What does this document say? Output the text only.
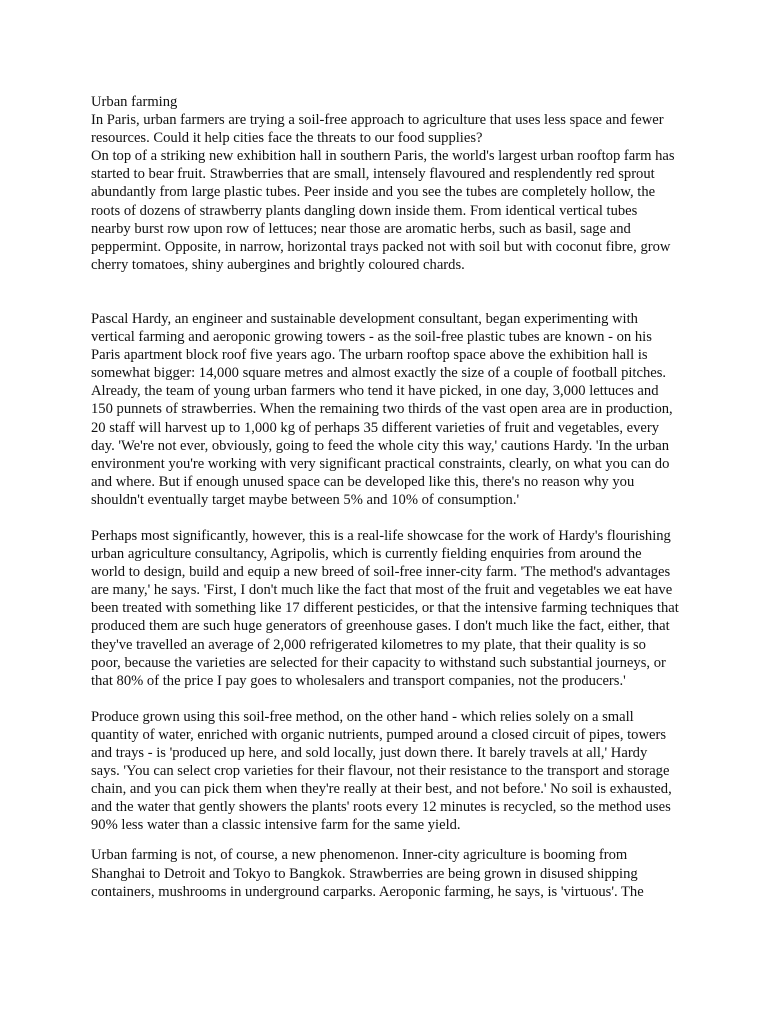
Urban farming

In Paris, urban farmers are trying a soil-free approach to agriculture that uses less space and fewer resources. Could it help cities face the threats to our food supplies?

On top of a striking new exhibition hall in southern Paris, the world's largest urban rooftop farm has started to bear fruit. Strawberries that are small, intensely flavoured and resplendently red sprout abundantly from large plastic tubes. Peer inside and you see the tubes are completely hollow, the roots of dozens of strawberry plants dangling down inside them. From identical vertical tubes nearby burst row upon row of lettuces; near those are aromatic herbs, such as basil, sage and peppermint. Opposite, in narrow, horizontal trays packed not with soil but with coconut fibre, grow cherry tomatoes, shiny aubergines and brightly coloured chards.

Pascal Hardy, an engineer and sustainable development consultant, began experimenting with vertical farming and aeroponic growing towers - as the soil-free plastic tubes are known - on his Paris apartment block roof five years ago. The urbarn rooftop space above the exhibition hall is somewhat bigger: 14,000 square metres and almost exactly the size of a couple of football pitches. Already, the team of young urban farmers who tend it have picked, in one day, 3,000 lettuces and 150 punnets of strawberries. When the remaining two thirds of the vast open area are in production, 20 staff will harvest up to 1,000 kg of perhaps 35 different varieties of fruit and vegetables, every day. 'We're not ever, obviously, going to feed the whole city this way,' cautions Hardy. 'In the urban environment you're working with very significant practical constraints, clearly, on what you can do and where. But if enough unused space can be developed like this, there's no reason why you shouldn't eventually target maybe between 5% and 10% of consumption.'

Perhaps most significantly, however, this is a real-life showcase for the work of Hardy's flourishing urban agriculture consultancy, Agripolis, which is currently fielding enquiries from around the world to design, build and equip a new breed of soil-free inner-city farm. 'The method's advantages are many,' he says. 'First, I don't much like the fact that most of the fruit and vegetables we eat have been treated with something like 17 different pesticides, or that the intensive farming techniques that produced them are such huge generators of greenhouse gases. I don't much like the fact, either, that they've travelled an average of 2,000 refrigerated kilometres to my plate, that their quality is so poor, because the varieties are selected for their capacity to withstand such substantial journeys, or that 80% of the price I pay goes to wholesalers and transport companies, not the producers.'

Produce grown using this soil-free method, on the other hand - which relies solely on a small quantity of water, enriched with organic nutrients, pumped around a closed circuit of pipes, towers and trays - is 'produced up here, and sold locally, just down there. It barely travels at all,' Hardy says. 'You can select crop varieties for their flavour, not their resistance to the transport and storage chain, and you can pick them when they're really at their best, and not before.' No soil is exhausted, and the water that gently showers the plants' roots every 12 minutes is recycled, so the method uses 90% less water than a classic intensive farm for the same yield.

Urban farming is not, of course, a new phenomenon. Inner-city agriculture is booming from Shanghai to Detroit and Tokyo to Bangkok. Strawberries are being grown in disused shipping containers, mushrooms in underground carparks. Aeroponic farming, he says, is 'virtuous'. The
